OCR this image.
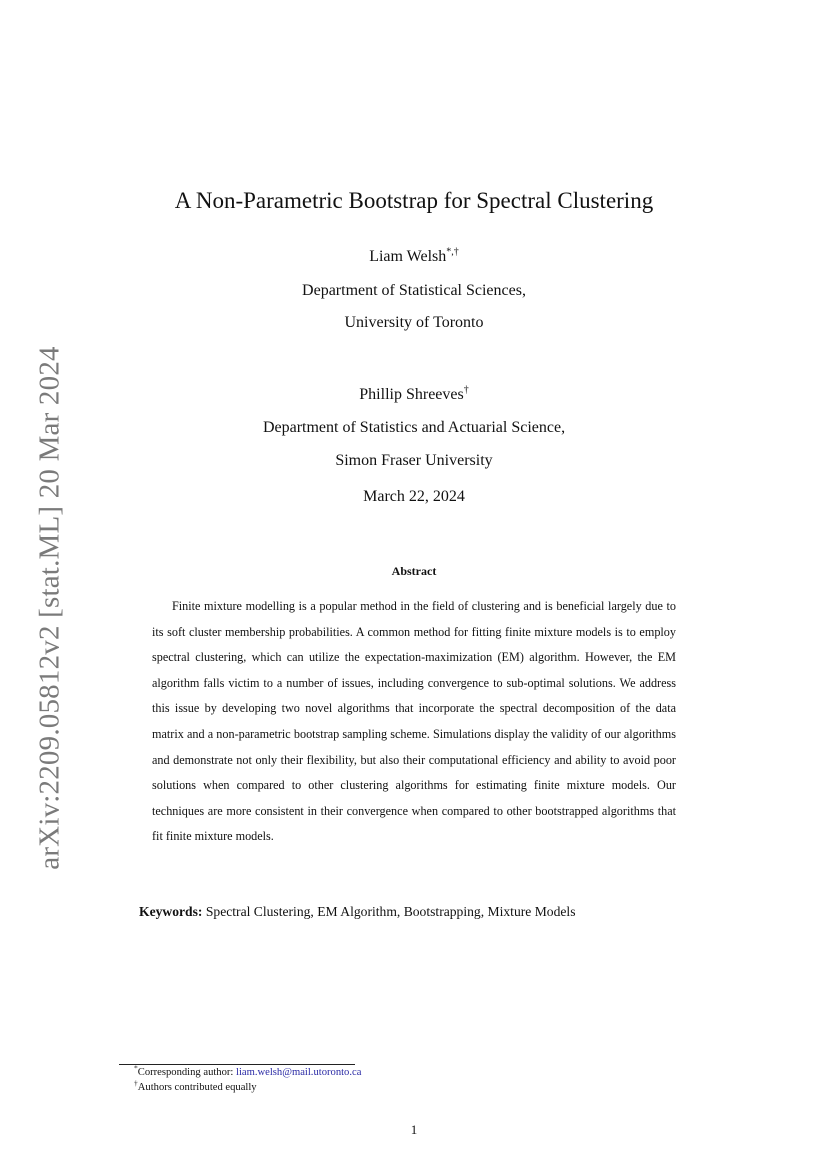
arXiv:2209.05812v2 [stat.ML] 20 Mar 2024
A Non-Parametric Bootstrap for Spectral Clustering
Liam Welsh*,†
Department of Statistical Sciences,
University of Toronto
Phillip Shreeves†
Department of Statistics and Actuarial Science,
Simon Fraser University
March 22, 2024
Abstract

Finite mixture modelling is a popular method in the field of clustering and is beneficial largely due to its soft cluster membership probabilities. A common method for fitting finite mixture models is to employ spectral clustering, which can utilize the expectation-maximization (EM) algorithm. However, the EM algorithm falls victim to a number of issues, including convergence to sub-optimal solutions. We address this issue by developing two novel algorithms that incorporate the spectral decomposition of the data matrix and a non-parametric bootstrap sampling scheme. Simulations display the validity of our algorithms and demonstrate not only their flexibility, but also their computational efficiency and ability to avoid poor solutions when compared to other clustering algorithms for estimating finite mixture models. Our techniques are more consistent in their convergence when compared to other bootstrapped algorithms that fit finite mixture models.

Keywords: Spectral Clustering, EM Algorithm, Bootstrapping, Mixture Models
*Corresponding author: liam.welsh@mail.utoronto.ca
†Authors contributed equally
1
